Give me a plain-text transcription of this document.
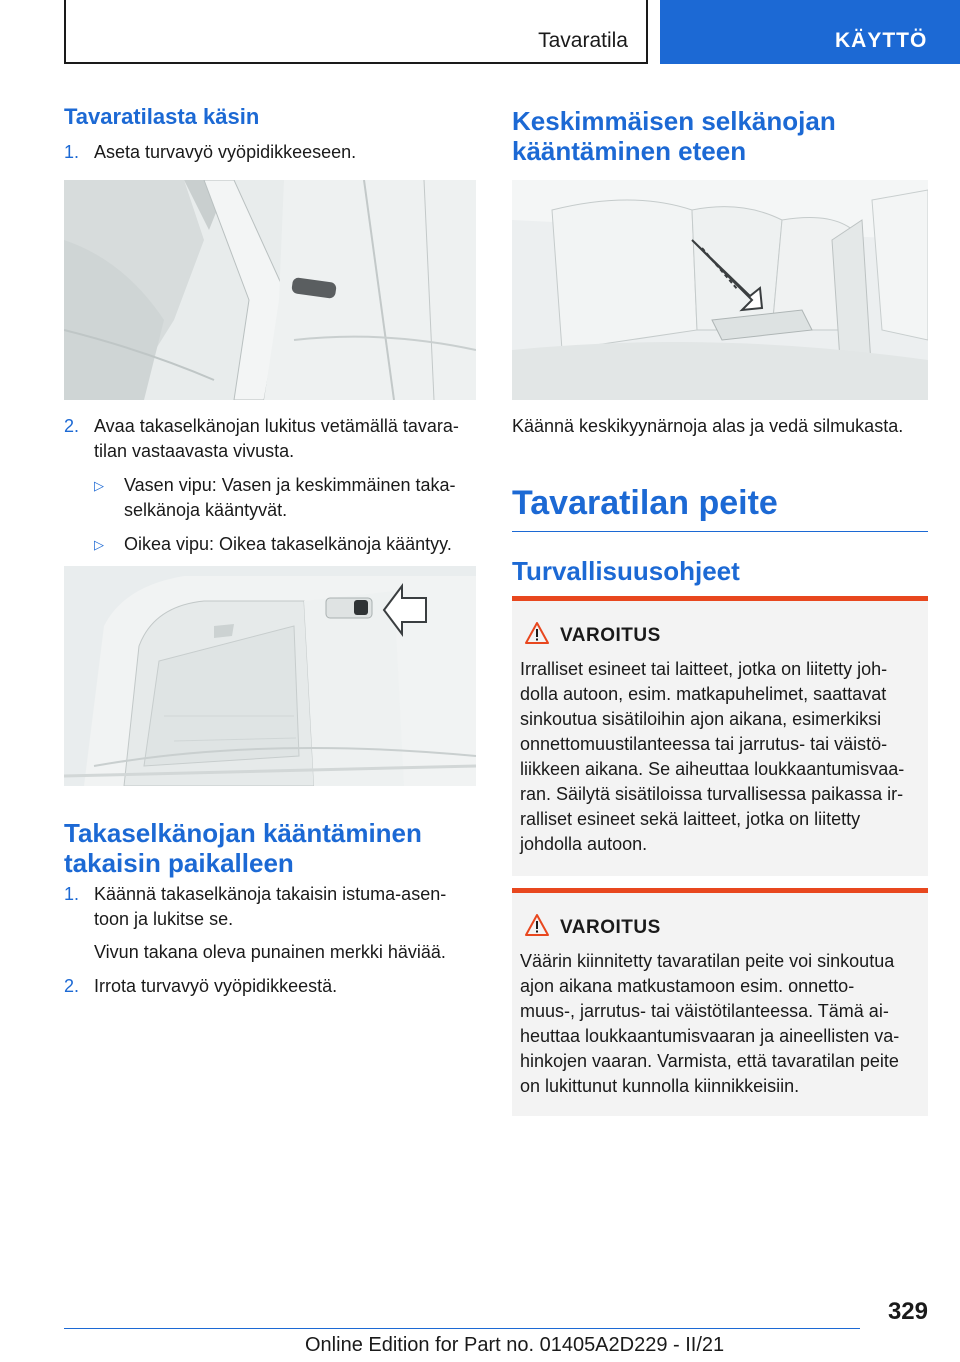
Tavaratila	KÄYTTÖ
Tavaratilasta käsin
1. Aseta turvavyö vyöpidikkeeseen.
2. Avaa takaselkänojan lukitus vetämällä tavara-
tilan vastaavasta vivusta.
▷ Vasen vipu: Vasen ja keskimmäinen taka-
selkänoja kääntyvät.
▷ Oikea vipu: Oikea takaselkänoja kääntyy.
Takaselkänojan kääntäminen
takaisin paikalleen
1. Käännä takaselkänoja takaisin istuma-asen-
toon ja lukitse se.
Vivun takana oleva punainen merkki häviää.
2. Irrota turvavyö vyöpidikkeestä.
Keskimmäisen selkänojan
kääntäminen eteen
Käännä keskikyynärnoja alas ja vedä silmukasta.
Tavaratilan peite
Turvallisuusohjeet
VAROITUS
Irralliset esineet tai laitteet, jotka on liitetty joh-
dolla autoon, esim. matkapuhelimet, saattavat
sinkoutua sisätiloihin ajon aikana, esimerkiksi
onnettomuustilanteessa tai jarrutus- tai väistö-
liikkeen aikana. Se aiheuttaa loukkaantumisvaa-
ran. Säilytä sisätiloissa turvallisessa paikassa ir-
ralliset esineet sekä laitteet, jotka on liitetty
johdolla autoon.
VAROITUS
Väärin kiinnitetty tavaratilan peite voi sinkoutua
ajon aikana matkustamoon esim. onnetto-
muus-, jarrutus- tai väistötilanteessa. Tämä ai-
heuttaa loukkaantumisvaaran ja aineellisten va-
hinkojen vaaran. Varmista, että tavaratilan peite
on lukittunut kunnolla kiinnikkeisiin.
329
Online Edition for Part no. 01405A2D229 - II/21
